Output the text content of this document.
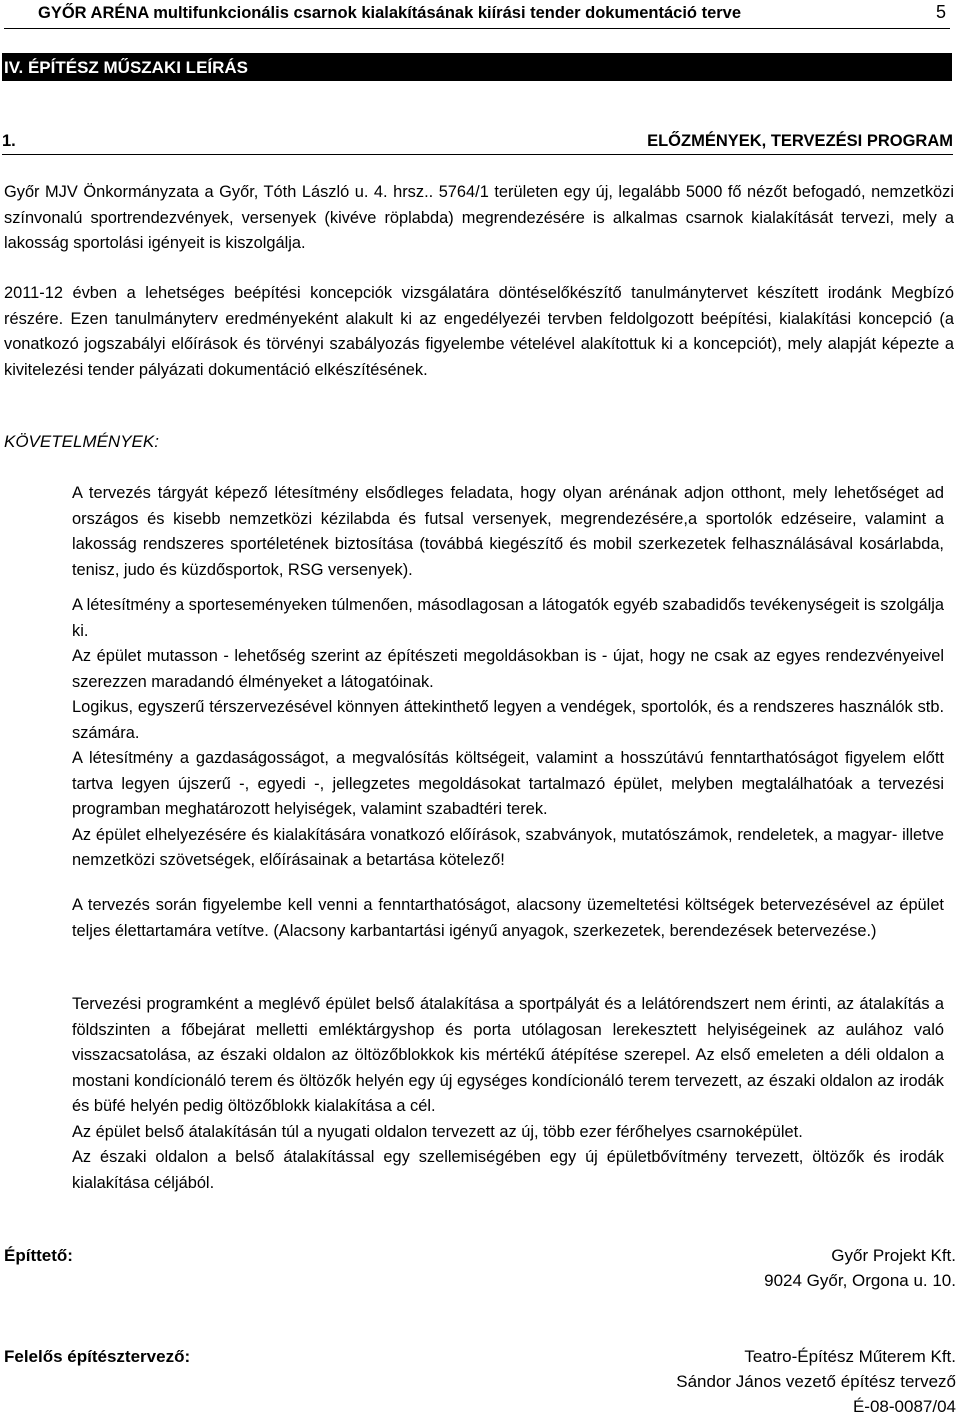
GYŐR ARÉNA multifunkcionális csarnok kialakításának kiírási tender dokumentáció terve	5
IV. ÉPÍTÉSZ MŰSZAKI LEÍRÁS
1.	ELŐZMÉNYEK, TERVEZÉSI PROGRAM

Győr MJV Önkormányzata a Győr, Tóth László u. 4. hrsz.. 5764/1 területen egy új, legalább 5000 fő nézőt befogadó, nemzetközi színvonalú sportrendezvények, versenyek (kivéve röplabda) megrendezésére is alkalmas csarnok kialakítását tervezi, mely a lakosság sportolási igényeit is kiszolgálja.

2011-12 évben a lehetséges beépítési koncepciók vizsgálatára döntéselőkészítő tanulmánytervet készített irodánk Megbízó részére. Ezen tanulmányterv eredményeként alakult ki az engedélyezéi tervben feldolgozott beépítési, kialakítási koncepció (a vonatkozó jogszabályi előírások és törvényi szabályozás figyelembe vételével alakítottuk ki a koncepciót), mely alapját képezte a kivitelezési tender pályázati dokumentáció elkészítésének.

KÖVETELMÉNYEK:

A tervezés tárgyát képező létesítmény elsődleges feladata, hogy olyan arénának adjon otthont, mely lehetőséget ad országos és kisebb nemzetközi kézilabda és futsal versenyek, megrendezésére,a sportolók edzéseire, valamint a lakosság rendszeres sportéletének biztosítása (továbbá kiegészítő és mobil szerkezetek felhasználásával kosárlabda, tenisz, judo és küzdősportok, RSG versenyek).

A létesítmény a sporteseményeken túlmenően, másodlagosan a látogatók egyéb szabadidős tevékenységeit is szolgálja ki.

Az épület mutasson - lehetőség szerint az építészeti megoldásokban is - újat, hogy ne csak az egyes rendezvényeivel szerezzen maradandó élményeket a látogatóinak.

Logikus, egyszerű térszervezésével könnyen áttekinthető legyen a vendégek, sportolók, és a rendszeres használók stb. számára.

A létesítmény a gazdaságosságot, a megvalósítás költségeit, valamint a hosszútávú fenntarthatóságot figyelem előtt tartva legyen újszerű -, egyedi -, jellegzetes megoldásokat tartalmazó épület, melyben megtalálhatóak a tervezési programban meghatározott helyiségek, valamint szabadtéri terek.

Az épület elhelyezésére és kialakítására vonatkozó előírások, szabványok, mutatószámok, rendeletek, a magyar- illetve nemzetközi szövetségek, előírásainak a betartása kötelező!

A tervezés során figyelembe kell venni a fenntarthatóságot, alacsony üzemeltetési költségek betervezésével az épület teljes élettartamára vetítve. (Alacsony karbantartási igényű anyagok, szerkezetek, berendezések betervezése.)

Tervezési programként a meglévő épület belső átalakítása a sportpályát és a lelátórendszert nem érinti, az átalakítás a földszinten a főbejárat melletti emléktárgyshop és porta utólagosan lerekesztett helyiségeinek az aulához való visszacsatolása, az északi oldalon az öltözőblokkok kis mértékű átépítése szerepel. Az első emeleten a déli oldalon a mostani kondícionáló terem és öltözők helyén egy új egységes kondícionáló terem tervezett, az északi oldalon az irodák és büfé helyén pedig öltözőblokk kialakítása a cél.

Az épület belső átalakításán túl a nyugati oldalon tervezett az új, több ezer férőhelyes csarnoképület.

Az északi oldalon a belső átalakítással egy szellemiségében egy új épületbővítmény tervezett, öltözők és irodák kialakítása céljából.

Építtető:	Győr Projekt Kft.
9024 Győr, Orgona u. 10.
Felelős építésztervező:	Teatro-Építész Műterem Kft.
Sándor János vezető építész tervező
É-08-0087/04
